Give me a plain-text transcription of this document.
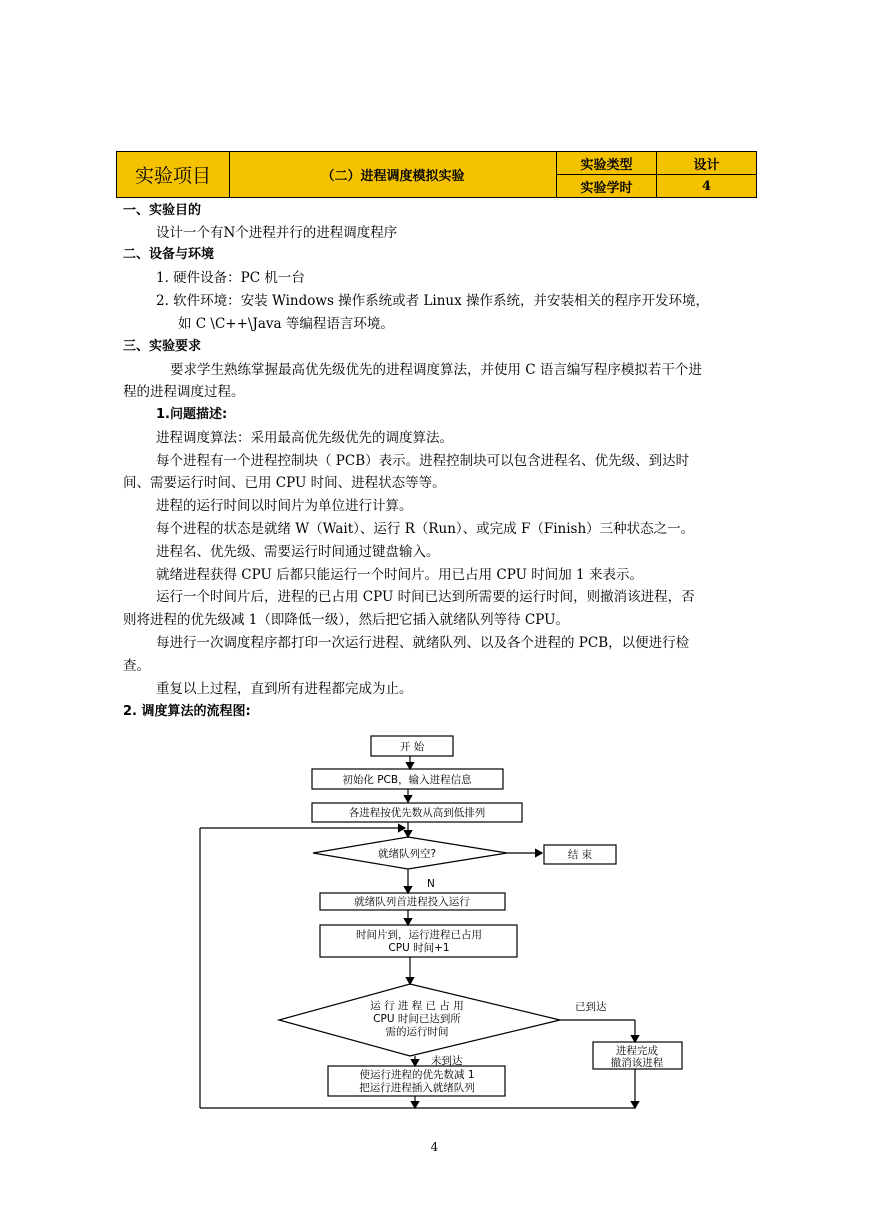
实验项目	（二）进程调度模拟实验	实验类型	设计
		实验学时	4
一、实验目的
设计一个有N个进程并行的进程调度程序
二、设备与环境
1. 硬件设备：PC 机一台
2. 软件环境：安装 Windows 操作系统或者 Linux 操作系统，并安装相关的程序开发环境，
如 C \C++\Java 等编程语言环境。
三、实验要求
要求学生熟练掌握最高优先级优先的进程调度算法，并使用 C 语言编写程序模拟若干个进
程的进程调度过程。
1.问题描述:
进程调度算法：采用最高优先级优先的调度算法。
每个进程有一个进程控制块（ PCB）表示。进程控制块可以包含进程名、优先级、到达时
间、需要运行时间、已用 CPU 时间、进程状态等等。
进程的运行时间以时间片为单位进行计算。
每个进程的状态是就绪 W（Wait）、运行 R（Run）、或完成 F（Finish）三种状态之一。
进程名、优先级、需要运行时间通过键盘输入。
就绪进程获得 CPU 后都只能运行一个时间片。用已占用 CPU 时间加 1 来表示。
运行一个时间片后，进程的已占用 CPU 时间已达到所需要的运行时间，则撤消该进程，否
则将进程的优先级减 1（即降低一级），然后把它插入就绪队列等待 CPU。
每进行一次调度程序都打印一次运行进程、就绪队列、以及各个进程的 PCB，以便进行检
查。
重复以上过程，直到所有进程都完成为止。
2. 调度算法的流程图:
开 始
初始化 PCB，输入进程信息
各进程按优先数从高到低排列
就绪队列空?	结 束
N
就绪队列首进程投入运行
时间片到，运行进程已占用
CPU 时间+1
运 行 进 程 已 占 用
CPU 时间已达到所
需的运行时间
已到达
未到达
进程完成
撤消该进程
使运行进程的优先数减 1
把运行进程插入就绪队列
4
